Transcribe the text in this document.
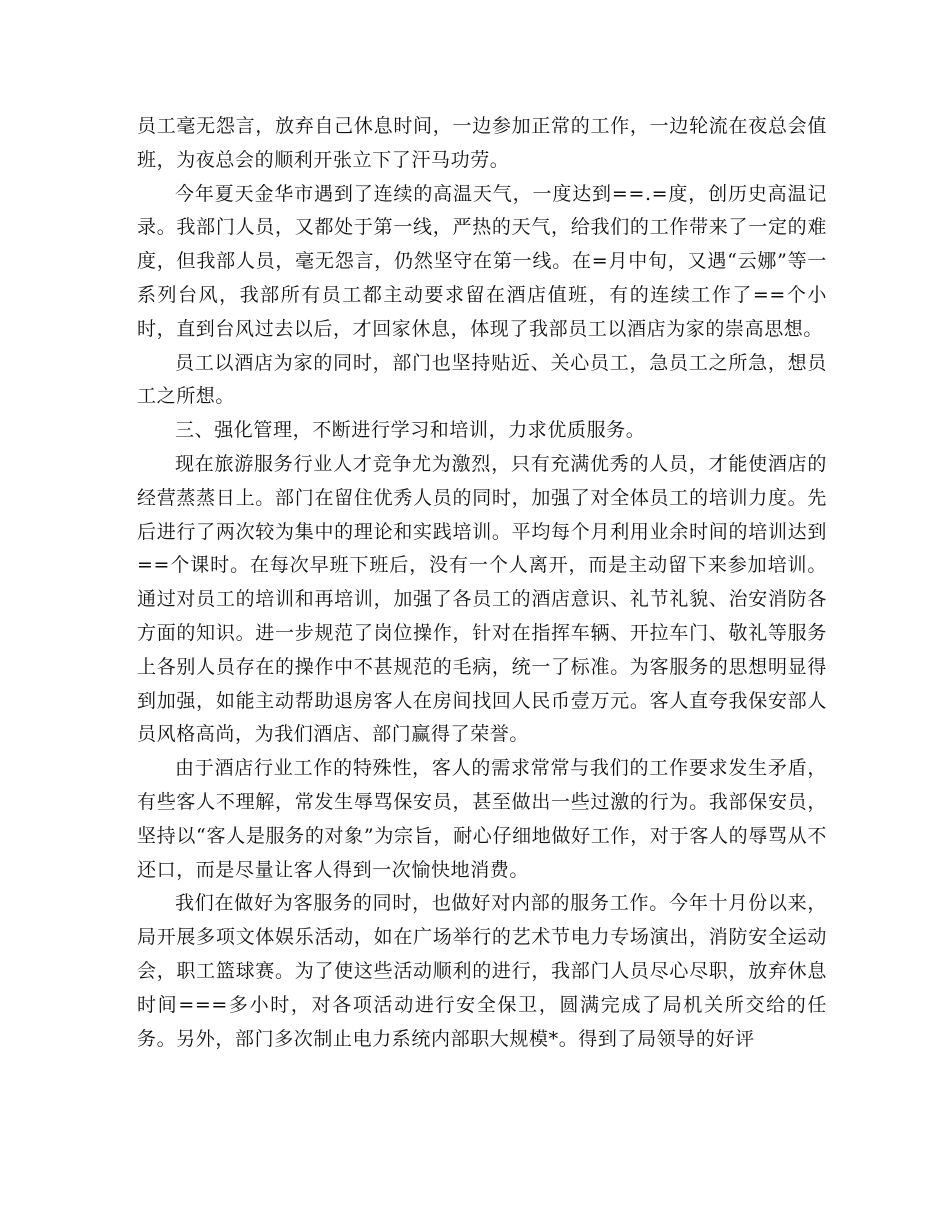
员工毫无怨言，放弃自己休息时间，一边参加正常的工作，一边轮流在夜总会值班，为夜总会的顺利开张立下了汗马功劳。

今年夏天金华市遇到了连续的高温天气，一度达到==.=度，创历史高温记录。我部门人员，又都处于第一线，严热的天气，给我们的工作带来了一定的难度，但我部人员，毫无怨言，仍然坚守在第一线。在=月中旬，又遇“云娜”等一系列台风，我部所有员工都主动要求留在酒店值班，有的连续工作了==个小时，直到台风过去以后，才回家休息，体现了我部员工以酒店为家的崇高思想。

员工以酒店为家的同时，部门也坚持贴近、关心员工，急员工之所急，想员工之所想。

三、强化管理，不断进行学习和培训，力求优质服务。

现在旅游服务行业人才竞争尤为激烈，只有充满优秀的人员，才能使酒店的经营蒸蒸日上。部门在留住优秀人员的同时，加强了对全体员工的培训力度。先后进行了两次较为集中的理论和实践培训。平均每个月利用业余时间的培训达到==个课时。在每次早班下班后，没有一个人离开，而是主动留下来参加培训。通过对员工的培训和再培训，加强了各员工的酒店意识、礼节礼貌、治安消防各方面的知识。进一步规范了岗位操作，针对在指挥车辆、开拉车门、敬礼等服务上各别人员存在的操作中不甚规范的毛病，统一了标准。为客服务的思想明显得到加强，如能主动帮助退房客人在房间找回人民币壹万元。客人直夸我保安部人员风格高尚，为我们酒店、部门赢得了荣誉。

由于酒店行业工作的特殊性，客人的需求常常与我们的工作要求发生矛盾，有些客人不理解，常发生辱骂保安员，甚至做出一些过激的行为。我部保安员，坚持以“客人是服务的对象”为宗旨，耐心仔细地做好工作，对于客人的辱骂从不还口，而是尽量让客人得到一次愉快地消费。

我们在做好为客服务的同时，也做好对内部的服务工作。今年十月份以来，局开展多项文体娱乐活动，如在广场举行的艺术节电力专场演出，消防安全运动会，职工篮球赛。为了使这些活动顺利的进行，我部门人员尽心尽职，放弃休息时间===多小时，对各项活动进行安全保卫，圆满完成了局机关所交给的任务。另外，部门多次制止电力系统内部职大规模*。得到了局领导的好评
